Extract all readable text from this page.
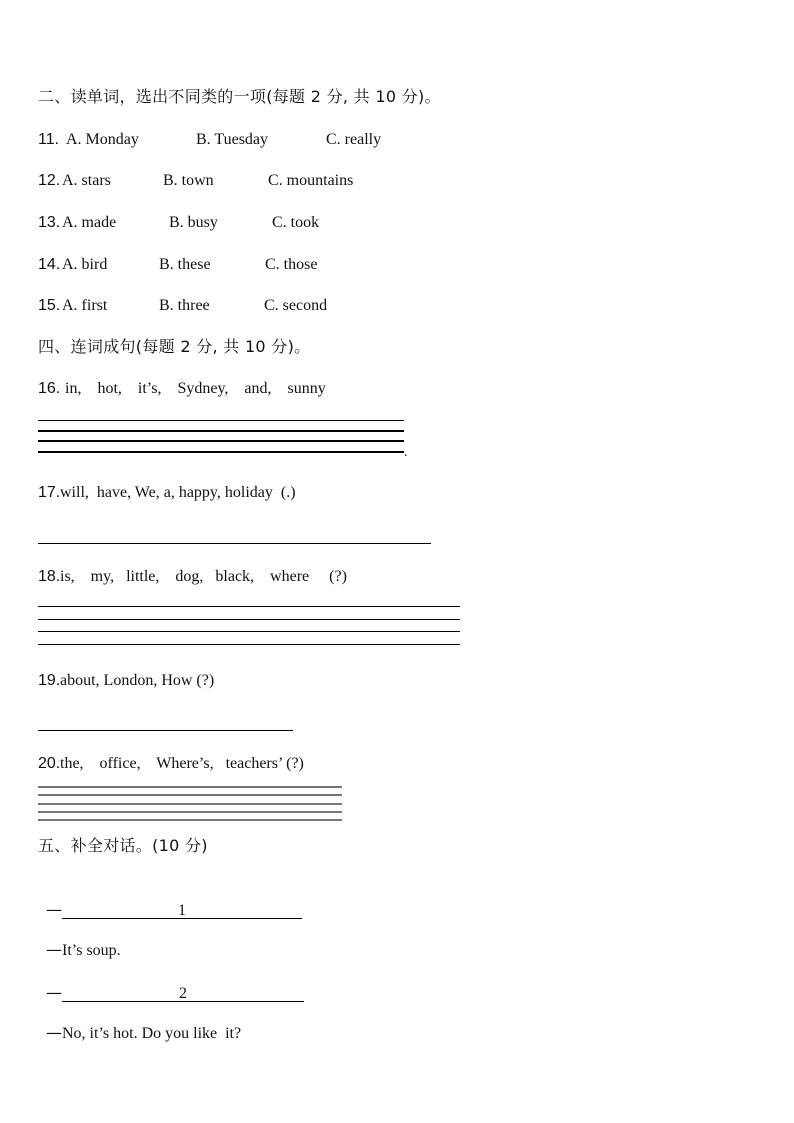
二、读单词，选出不同类的一项(每题 2 分, 共 10 分)。
11. A. Monday	B. Tuesday	C. really
12. A. stars	B. town	C. mountains
13. A. made	B. busy	C. took
14. A. bird	B. these	C. those
15. A. first	B. three	C. second
四、连词成句(每题 2 分, 共 10 分)。
16. in,    hot,    it’s,    Sydney,    and,    sunny
.
17. will,  have, We, a, happy, holiday  (.)
18. is,    my,   little,    dog,   black,    where     (?)
19. about, London, How (?)
20. the,    office,    Where’s,   teachers’ (?)
五、补全对话。(10 分)

—	1

—It’s soup.

—	2

—No, it’s hot. Do you like  it?
